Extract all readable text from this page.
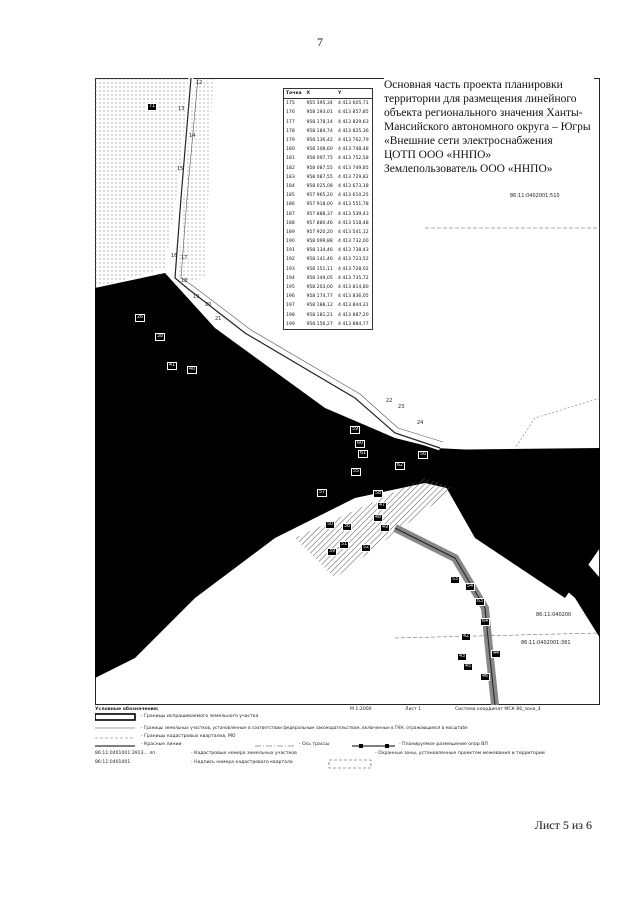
7
86:11:0402001:510
86:11:040200
86:11:0402001:361
12
13
14
15
16 17
18
19
20
21
22
23
24
86
71
26
38
41
40
59
60
61
62
55
56
57	58
47
48
49
50
51
52
53
54
63
64
42
43
44
45
46
39
36
Основная часть проекта планировки
территории для размещения линейного
объекта регионального значения Ханты-
Мансийского автономного округа – Югры
«Внешние сети электроснабжения
ЦОТП ООО «ННПО»
Землепользователь ООО «ННПО»
Точка	X	Y
175	955 395,34	4 413 605,71
176	958 193,01	4 413 857,85
177	958 178,14	4 413 829,63
178	958 184,74	4 413 825,36
179	958 136,42	4 413 762,79
180	958 108,60	4 413 748,48
181	958 097,75	4 413 752,58
182	958 087,55	4 413 749,85
183	958 087,55	4 413 729,82
184	958 025,08	4 413 673,18
185	957 965,20	4 413 610,25
186	957 918,00	4 413 551,78
187	957 888,37	4 413 539,43
188	957 880,46	4 413 518,48
189	957 920,20	4 413 541,12
190	958 099,88	4 413 732,00
191	958 134,46	4 413 738,43
192	958 141,46	4 413 723,52
193	958 151,11	4 413 728,02
194	958 149,05	4 413 735,72
195	958 203,00	4 413 814,80
196	958 174,77	4 413 836,05
197	958 188,12	4 413 844,31
198	958 181,21	4 413 887,20
199	958 156,27	4 413 884,77
Условные обозначения:	М 1:2000	Лист 1	Система координат МСК 86_зона_4
- Границы испрашиваемого земельного участка
- Границы земельных участков, установленные в соответствии федеральным законодательством, включенные в ГКН, отражающиеся в масштабе
- Границы кадастровых кварталов, МО
- Красные линии	- Ось трассы	- Планируемое размещение опор ВЛ
86:11:0401001:3913... лп.	- Кадастровые номера земельных участков	- Охранные зоны, установленные проектом межевания и территории
86:11:0401001	- Надпись номера кадастрового квартала
Лист 5 из 6
